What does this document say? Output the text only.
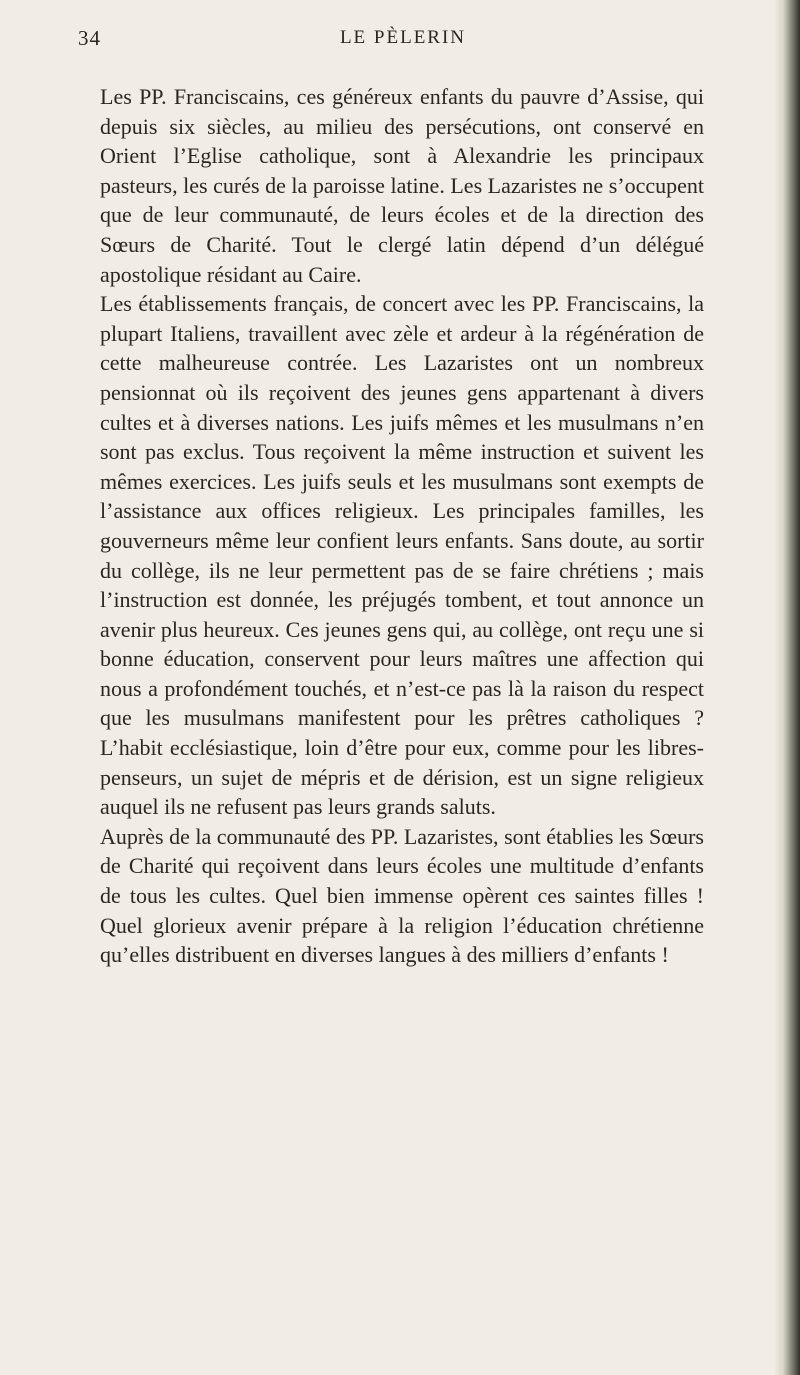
34	LE PÈLERIN

Les PP. Franciscains, ces généreux enfants du pauvre d’Assise, qui depuis six siècles, au milieu des persécutions, ont conservé en Orient l’Eglise catholique, sont à Alexandrie les principaux pasteurs, les curés de la paroisse latine. Les Lazaristes ne s’occupent que de leur communauté, de leurs écoles et de la direction des Sœurs de Charité. Tout le clergé latin dépend d’un délégué apostolique résidant au Caire.

Les établissements français, de concert avec les PP. Franciscains, la plupart Italiens, travaillent avec zèle et ardeur à la régénération de cette malheureuse contrée. Les Lazaristes ont un nombreux pensionnat où ils reçoivent des jeunes gens appartenant à divers cultes et à diverses nations. Les juifs mêmes et les musulmans n’en sont pas exclus. Tous reçoivent la même instruction et suivent les mêmes exercices. Les juifs seuls et les musulmans sont exempts de l’assistance aux offices religieux. Les principales familles, les gouverneurs même leur confient leurs enfants. Sans doute, au sortir du collège, ils ne leur permettent pas de se faire chrétiens ; mais l’instruction est donnée, les préjugés tombent, et tout annonce un avenir plus heureux. Ces jeunes gens qui, au collège, ont reçu une si bonne éducation, conservent pour leurs maîtres une affection qui nous a profondément touchés, et n’est-ce pas là la raison du respect que les musulmans manifestent pour les prêtres catholiques ? L’habit ecclésiastique, loin d’être pour eux, comme pour les libres-penseurs, un sujet de mépris et de dérision, est un signe religieux auquel ils ne refusent pas leurs grands saluts.

Auprès de la communauté des PP. Lazaristes, sont établies les Sœurs de Charité qui reçoivent dans leurs écoles une multitude d’enfants de tous les cultes. Quel bien immense opèrent ces saintes filles ! Quel glorieux avenir prépare à la religion l’éducation chrétienne qu’elles distribuent en diverses langues à des milliers d’enfants !
